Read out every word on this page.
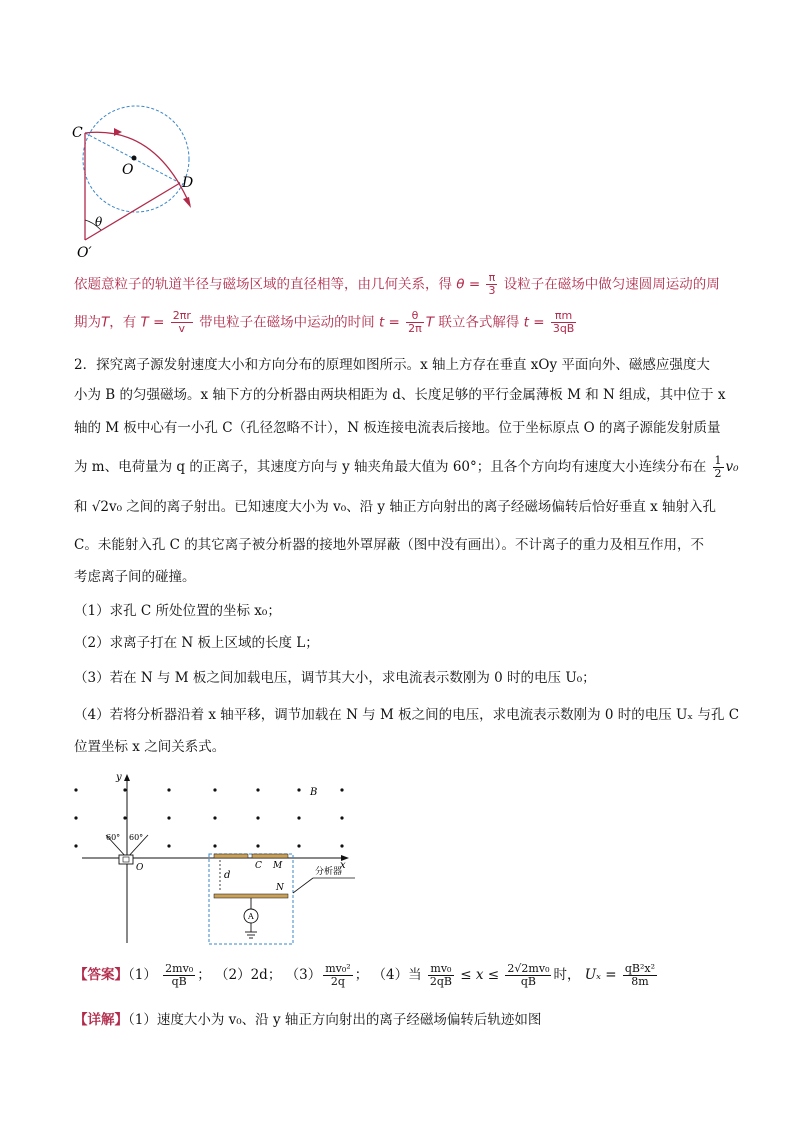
C
O
D
O′
θ
依题意粒子的轨道半径与磁场区域的直径相等，由几何关系，得 $\theta = \frac{\pi}{3}$ 设粒子在磁场中做匀速圆周运动的周
期为T，有 $T = \frac{2\pi r}{v}$ 带电粒子在磁场中运动的时间 $t = \frac{\theta}{2\pi}$ T 联立各式解得 $t = \frac{\pi m}{3qB}$
2．探究离子源发射速度大小和方向分布的原理如图所示。x 轴上方存在垂直 xOy 平面向外、磁感应强度大
小为 B 的匀强磁场。x 轴下方的分析器由两块相距为 d、长度足够的平行金属薄板 M 和 N 组成，其中位于 x
轴的 M 板中心有一小孔 C（孔径忽略不计），N 板连接电流表后接地。位于坐标原点 O 的离子源能发射质量
为 m、电荷量为 q 的正离子，其速度方向与 y 轴夹角最大值为 60°；且各个方向均有速度大小连续分布在 $\frac{1}{2} v_0$
和 √2v₀ 之间的离子射出。已知速度大小为 v₀、沿 y 轴正方向射出的离子经磁场偏转后恰好垂直 x 轴射入孔
C。未能射入孔 C 的其它离子被分析器的接地外罩屏蔽（图中没有画出）。不计离子的重力及相互作用，不
考虑离子间的碰撞。
（1）求孔 C 所处位置的坐标 x₀；
（2）求离子打在 N 板上区域的长度 L；
（3）若在 N 与 M 板之间加载电压，调节其大小，求电流表示数刚为 0 时的电压 U₀；
（4）若将分析器沿着 x 轴平移，调节加载在 N 与 M 板之间的电压，求电流表示数刚为 0 时的电压 Uₓ 与孔 C
位置坐标 x 之间关系式。
y
x
B
60° 60°
O	C M
N
d
A
分析器
【答案】$(1) \frac{\text{2mv₀}}{qB}$ ； （2）2d； $(3) \frac{\text{mv₀²}}{2q}$ ； （4）当 $\frac{\text{mv₀}}{2qB} \le x \le \frac{\text{2√2mv₀}}{qB}$ 时， $U_x = \frac{\text{qB²x²}}{8m}$
【详解】（1）速度大小为 v₀、沿 y 轴正方向射出的离子经磁场偏转后轨迹如图
